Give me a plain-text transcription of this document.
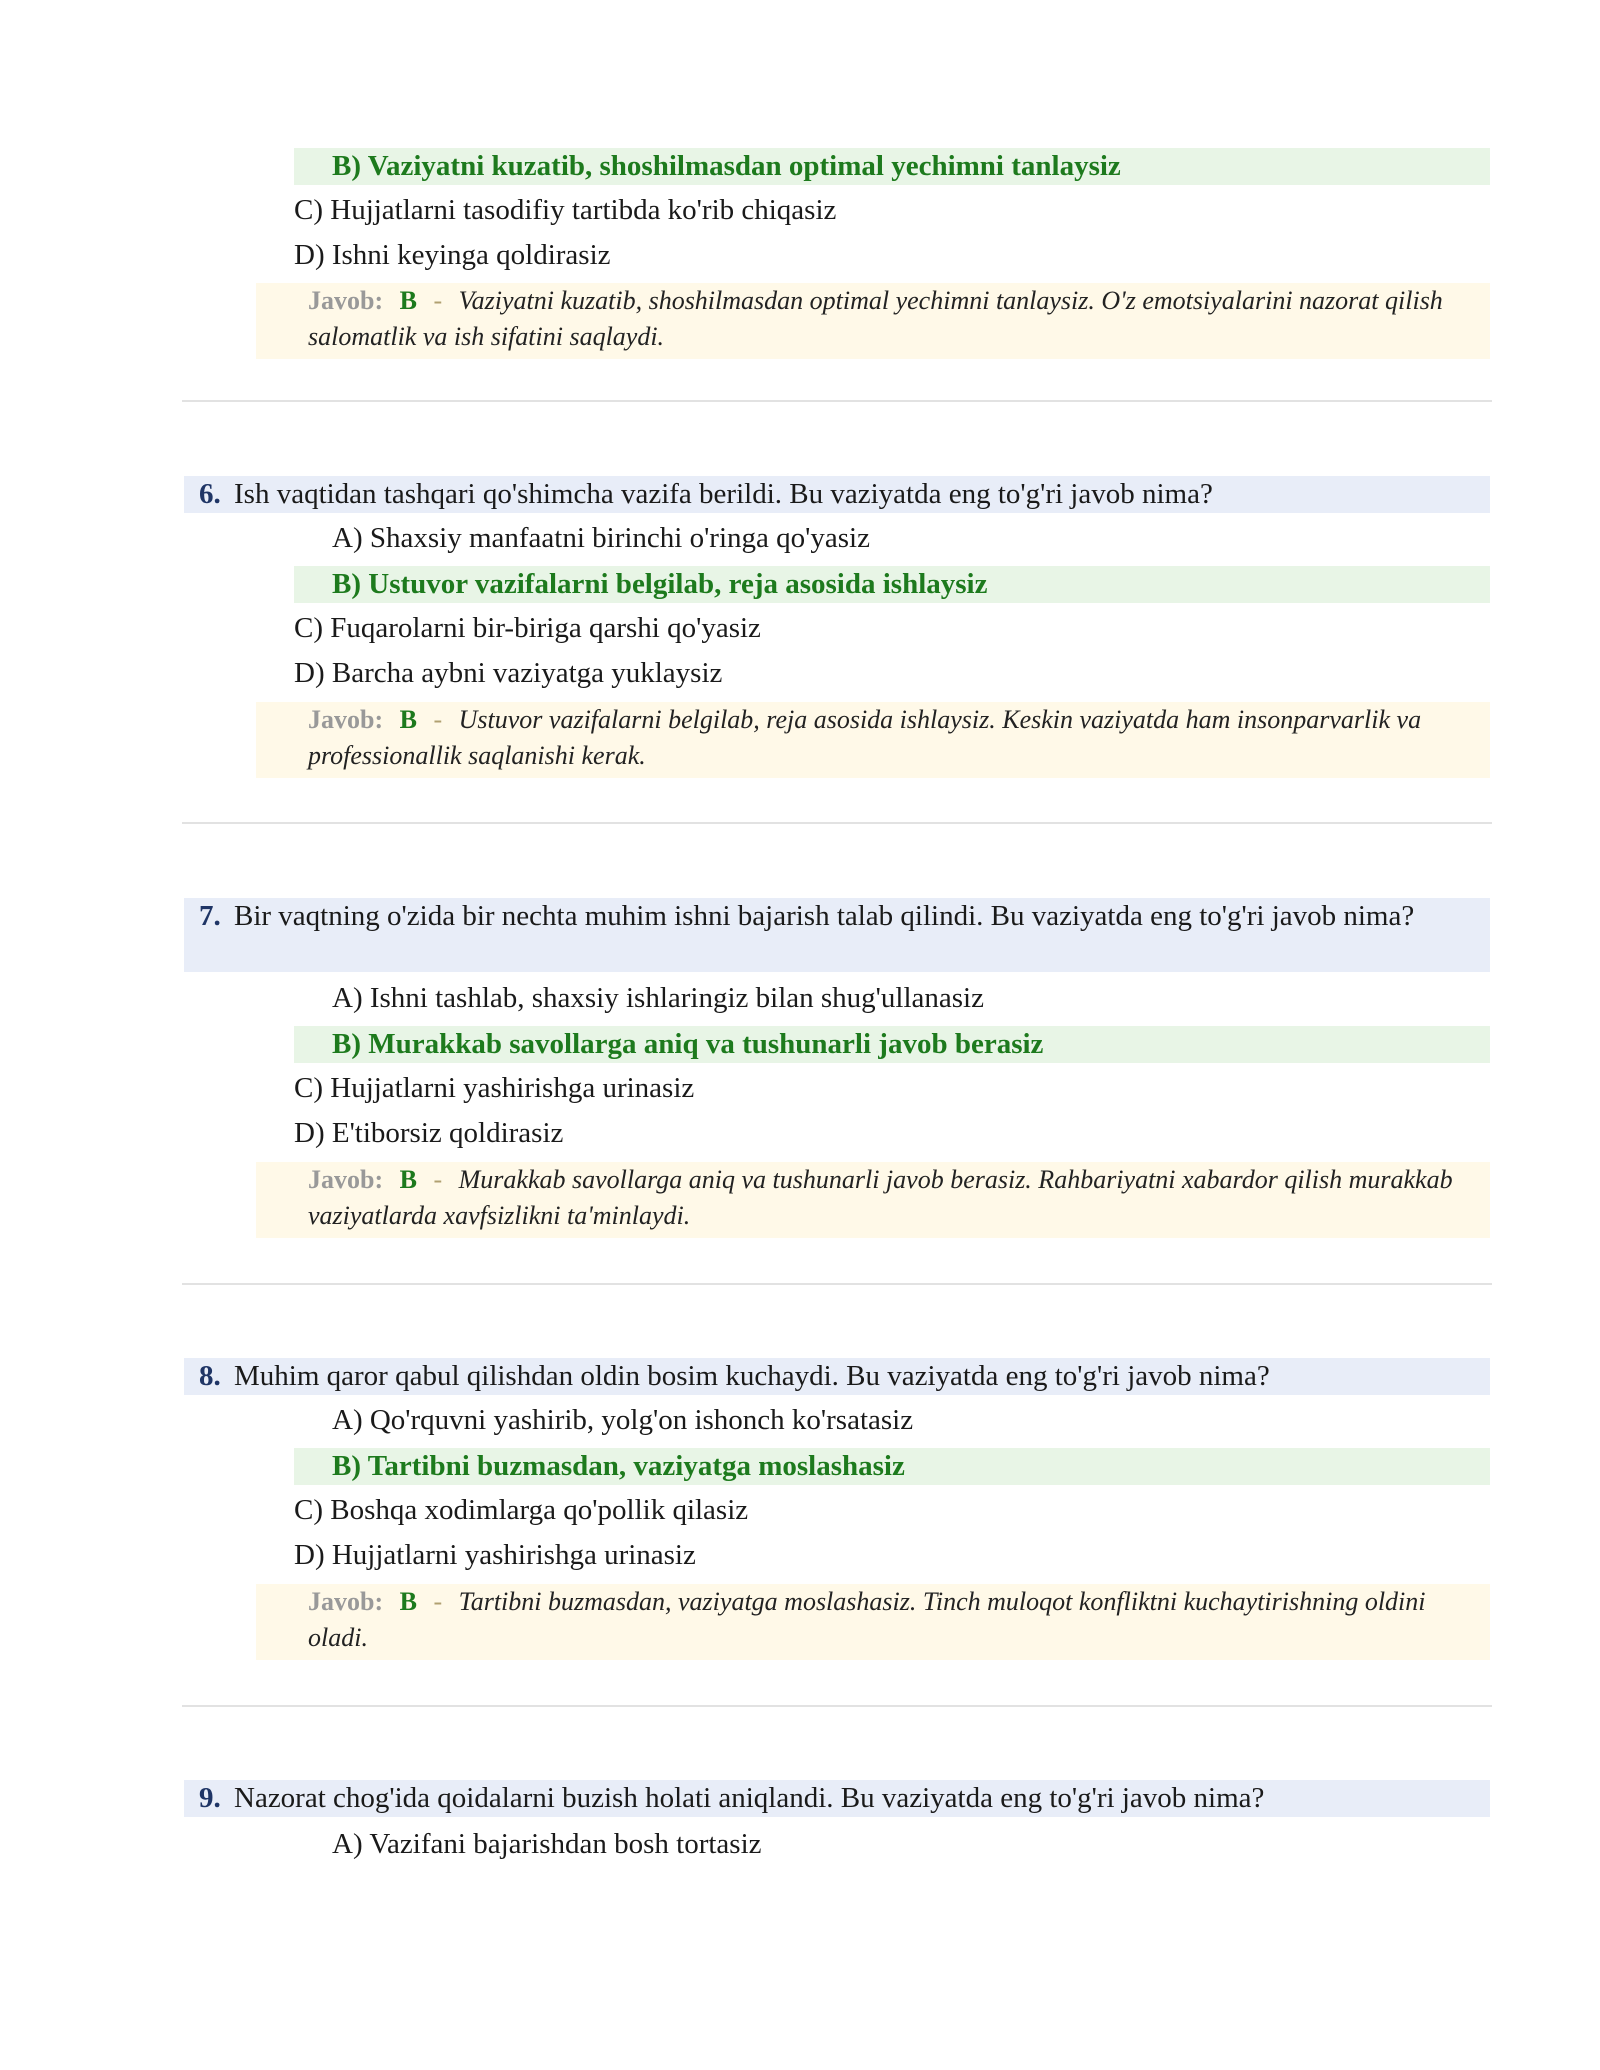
B) Vaziyatni kuzatib, shoshilmasdan optimal yechimni tanlaysiz
C) Hujjatlarni tasodifiy tartibda ko'rib chiqasiz
D) Ishni keyinga qoldirasiz
Javob: B - Vaziyatni kuzatib, shoshilmasdan optimal yechimni tanlaysiz. O'z emotsiyalarini nazorat qilish salomatlik va ish sifatini saqlaydi.
6. Ish vaqtidan tashqari qo'shimcha vazifa berildi. Bu vaziyatda eng to'g'ri javob nima?
A) Shaxsiy manfaatni birinchi o'ringa qo'yasiz
B) Ustuvor vazifalarni belgilab, reja asosida ishlaysiz
C) Fuqarolarni bir-biriga qarshi qo'yasiz
D) Barcha aybni vaziyatga yuklaysiz
Javob: B - Ustuvor vazifalarni belgilab, reja asosida ishlaysiz. Keskin vaziyatda ham insonparvarlik va professionallik saqlanishi kerak.
7. Bir vaqtning o'zida bir nechta muhim ishni bajarish talab qilindi. Bu vaziyatda eng to'g'ri javob nima?
A) Ishni tashlab, shaxsiy ishlaringiz bilan shug'ullanasiz
B) Murakkab savollarga aniq va tushunarli javob berasiz
C) Hujjatlarni yashirishga urinasiz
D) E'tiborsiz qoldirasiz
Javob: B - Murakkab savollarga aniq va tushunarli javob berasiz. Rahbariyatni xabardor qilish murakkab vaziyatlarda xavfsizlikni ta'minlaydi.
8. Muhim qaror qabul qilishdan oldin bosim kuchaydi. Bu vaziyatda eng to'g'ri javob nima?
A) Qo'rquvni yashirib, yolg'on ishonch ko'rsatasiz
B) Tartibni buzmasdan, vaziyatga moslashasiz
C) Boshqa xodimlarga qo'pollik qilasiz
D) Hujjatlarni yashirishga urinasiz
Javob: B - Tartibni buzmasdan, vaziyatga moslashasiz. Tinch muloqot konfliktni kuchaytirishning oldini oladi.
9. Nazorat chog'ida qoidalarni buzish holati aniqlandi. Bu vaziyatda eng to'g'ri javob nima?
A) Vazifani bajarishdan bosh tortasiz
